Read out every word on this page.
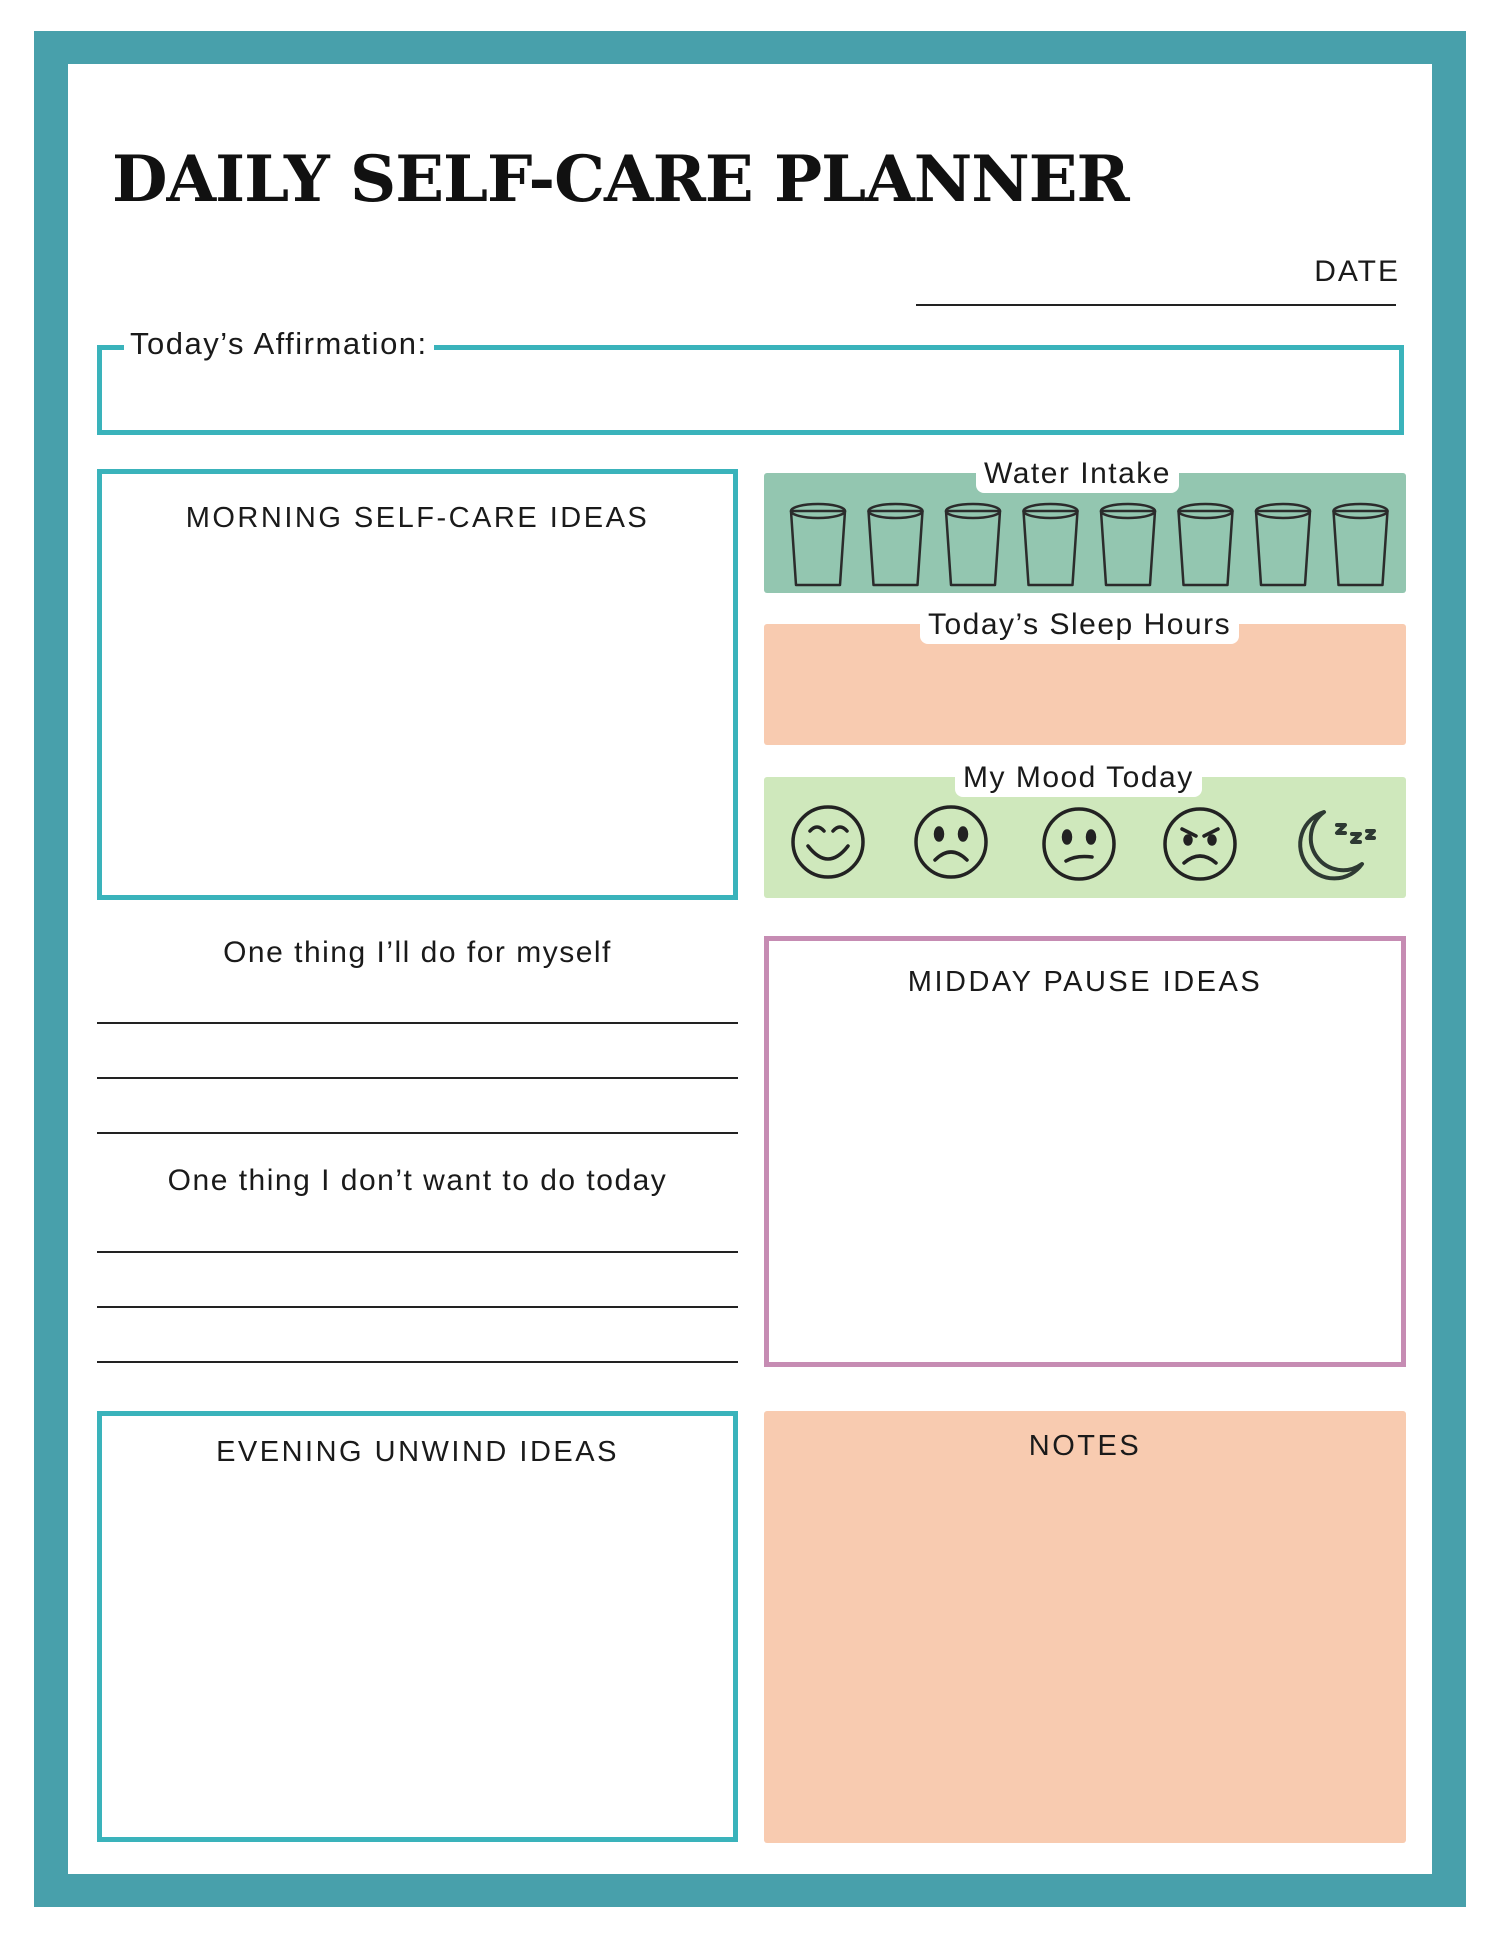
DAILY SELF-CARE PLANNER
DATE
Today’s Affirmation:
MORNING SELF-CARE IDEAS
Water Intake
Today’s Sleep Hours
My Mood Today
One thing I’ll do for myself
One thing I don’t want to do today
MIDDAY PAUSE IDEAS
EVENING UNWIND IDEAS	NOTES
